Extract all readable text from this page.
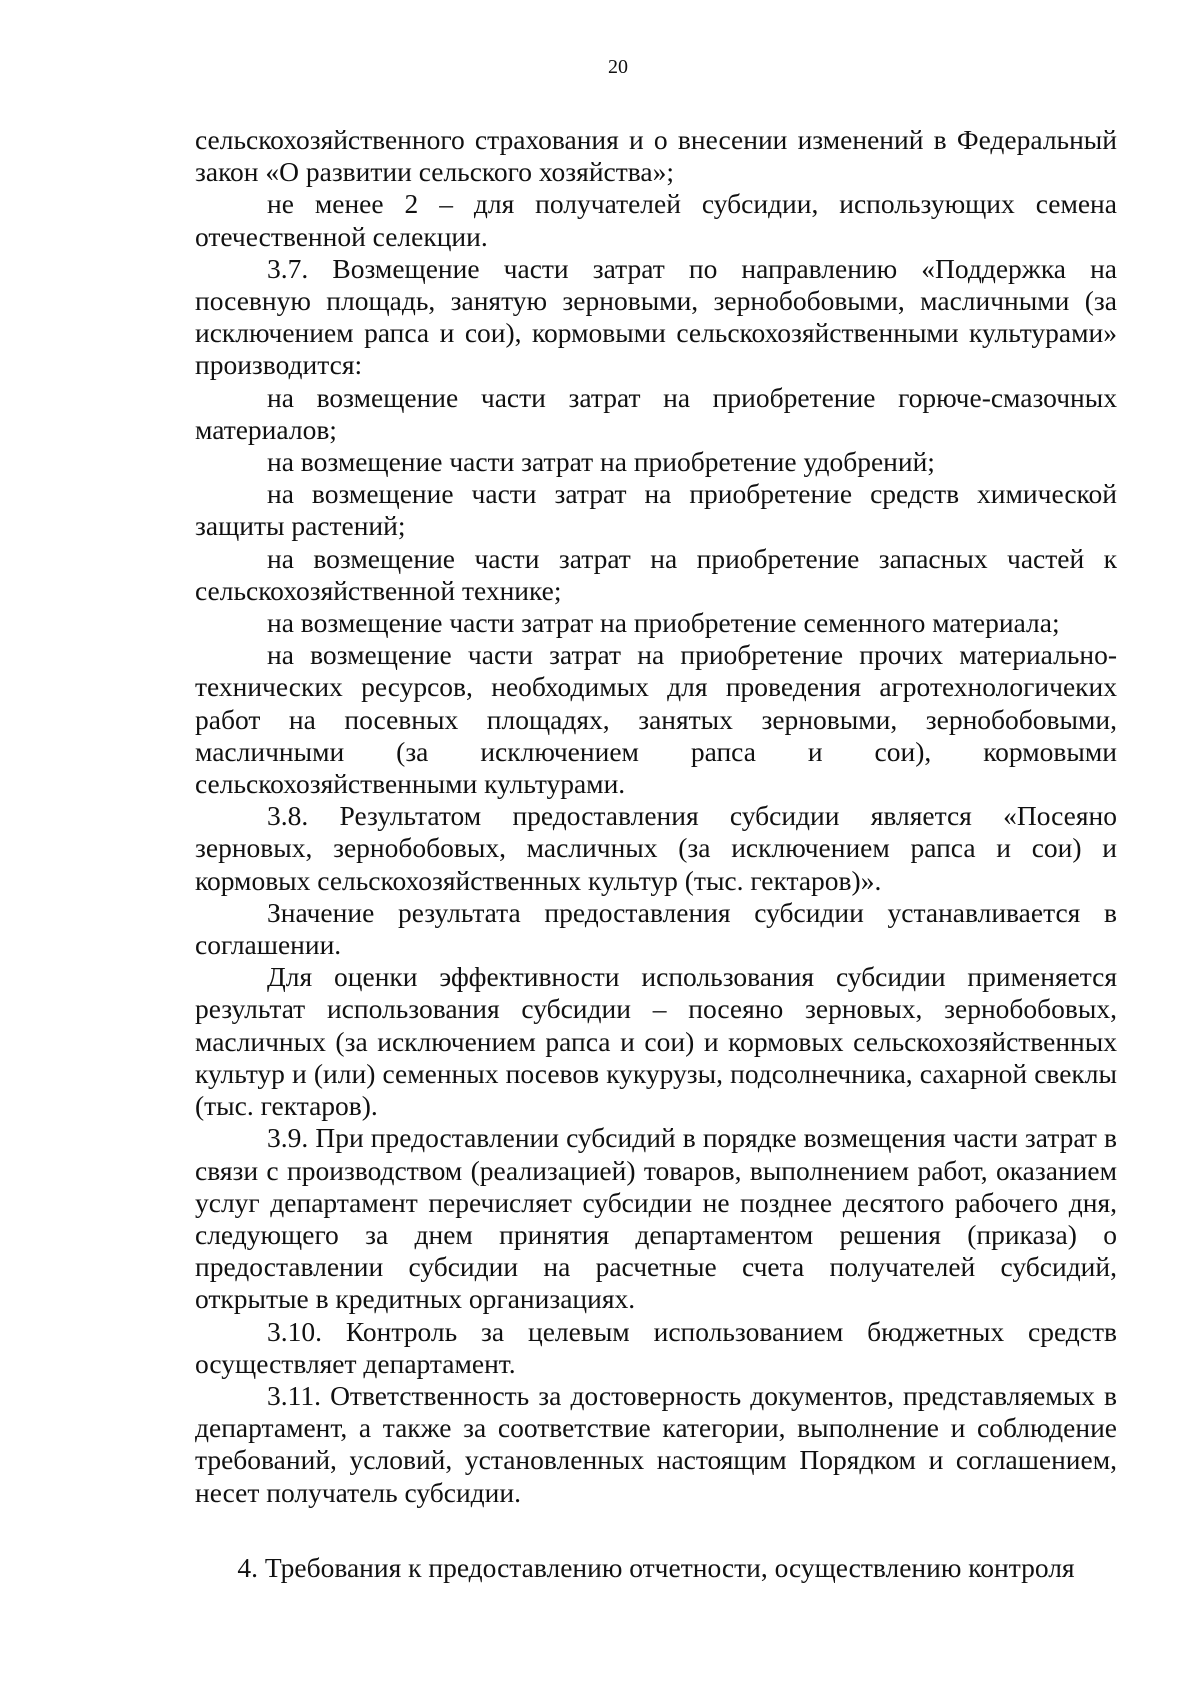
20

сельскохозяйственного страхования и о внесении изменений в Федеральный закон «О развитии сельского хозяйства»;

не менее 2 – для получателей субсидии, использующих семена отечественной селекции.

3.7. Возмещение части затрат по направлению «Поддержка на посевную площадь, занятую зерновыми, зернобобовыми, масличными (за исключением рапса и сои), кормовыми сельскохозяйственными культурами» производится:

на возмещение части затрат на приобретение горюче-смазочных материалов;

на возмещение части затрат на приобретение удобрений;

на возмещение части затрат на приобретение средств химической защиты растений;

на возмещение части затрат на приобретение запасных частей к сельскохозяйственной технике;

на возмещение части затрат на приобретение семенного материала;

на возмещение части затрат на приобретение прочих материально-технических ресурсов, необходимых для проведения агротехнологичеких работ на посевных площадях, занятых зерновыми, зернобобовыми, масличными (за исключением рапса и сои), кормовыми сельскохозяйственными культурами.

3.8. Результатом предоставления субсидии является «Посеяно зерновых, зернобобовых, масличных (за исключением рапса и сои) и кормовых сельскохозяйственных культур (тыс. гектаров)».

Значение результата предоставления субсидии устанавливается в соглашении.

Для оценки эффективности использования субсидии применяется результат использования субсидии – посеяно зерновых, зернобобовых, масличных (за исключением рапса и сои) и кормовых сельскохозяйственных культур и (или) семенных посевов кукурузы, подсолнечника, сахарной свеклы (тыс. гектаров).

3.9. При предоставлении субсидий в порядке возмещения части затрат в связи с производством (реализацией) товаров, выполнением работ, оказанием услуг департамент перечисляет субсидии не позднее десятого рабочего дня, следующего за днем принятия департаментом решения (приказа) о предоставлении субсидии на расчетные счета получателей субсидий, открытые в кредитных организациях.

3.10. Контроль за целевым использованием бюджетных средств осуществляет департамент.

3.11. Ответственность за достоверность документов, представляемых в департамент, а также за соответствие категории, выполнение и соблюдение требований, условий, установленных настоящим Порядком и соглашением, несет получатель субсидии.

4. Требования к предоставлению отчетности, осуществлению контроля
